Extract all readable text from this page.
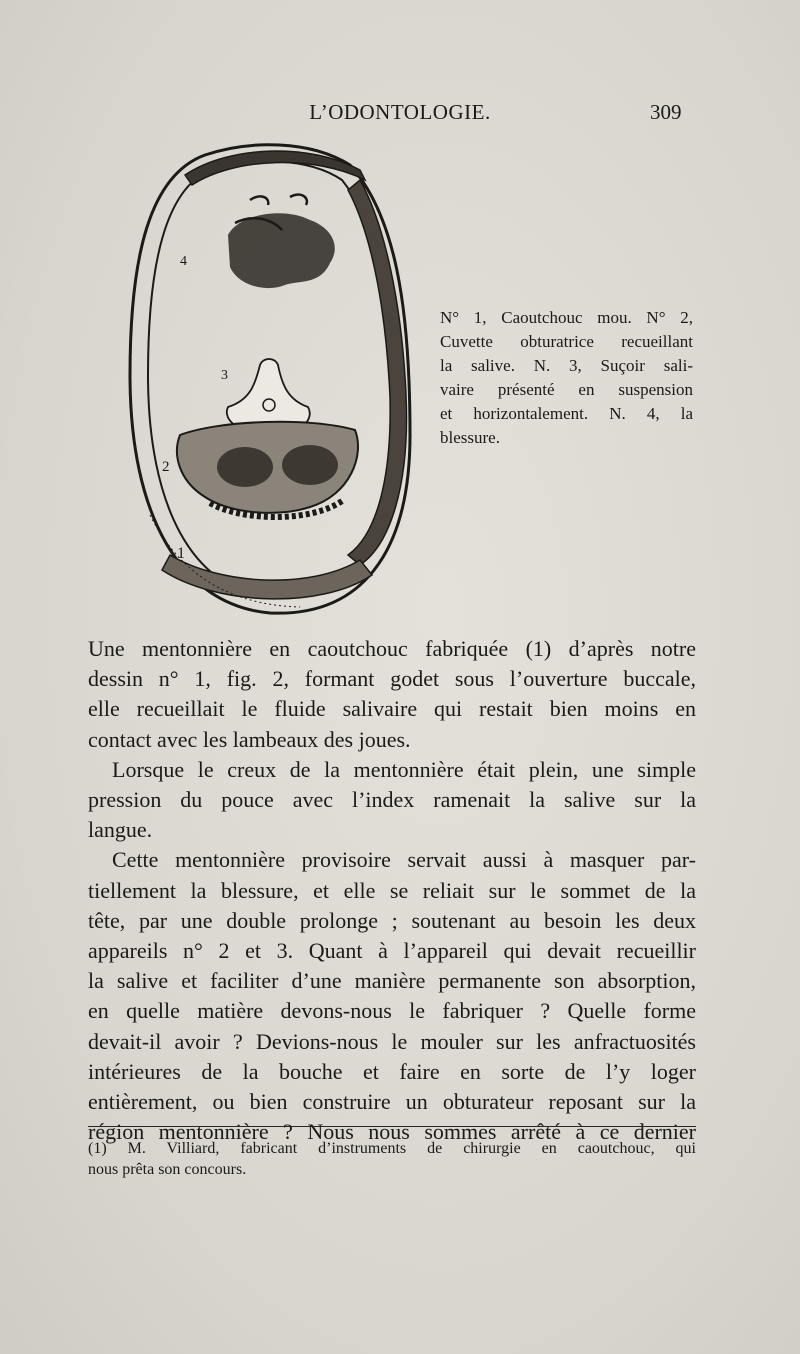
L’ODONTOLOGIE.	309
4
3
2
1
N° 1, Caoutchouc mou. N° 2,
Cuvette obturatrice recueillant
la salive. N. 3, Suçoir sali-
vaire présenté en suspension
et horizontalement. N. 4, la
blessure.
Une mentonnière en caoutchouc fabriquée (1) d’après notre
dessin n° 1, fig. 2, formant godet sous l’ouverture buccale,
elle recueillait le fluide salivaire qui restait bien moins en
contact avec les lambeaux des joues.
Lorsque le creux de la mentonnière était plein, une simple
pression du pouce avec l’index ramenait la salive sur la
langue.
Cette mentonnière provisoire servait aussi à masquer par-
tiellement la blessure, et elle se reliait sur le sommet de la
tête, par une double prolonge ; soutenant au besoin les deux
appareils n° 2 et 3. Quant à l’appareil qui devait recueillir
la salive et faciliter d’une manière permanente son absorption,
en quelle matière devons-nous le fabriquer ? Quelle forme
devait-il avoir ? Devions-nous le mouler sur les anfractuosités
intérieures de la bouche et faire en sorte de l’y loger
entièrement, ou bien construire un obturateur reposant sur la
région mentonnière ? Nous nous sommes arrêté à ce dernier
(1) M. Villiard, fabricant d’instruments de chirurgie en caoutchouc, qui
nous prêta son concours.
